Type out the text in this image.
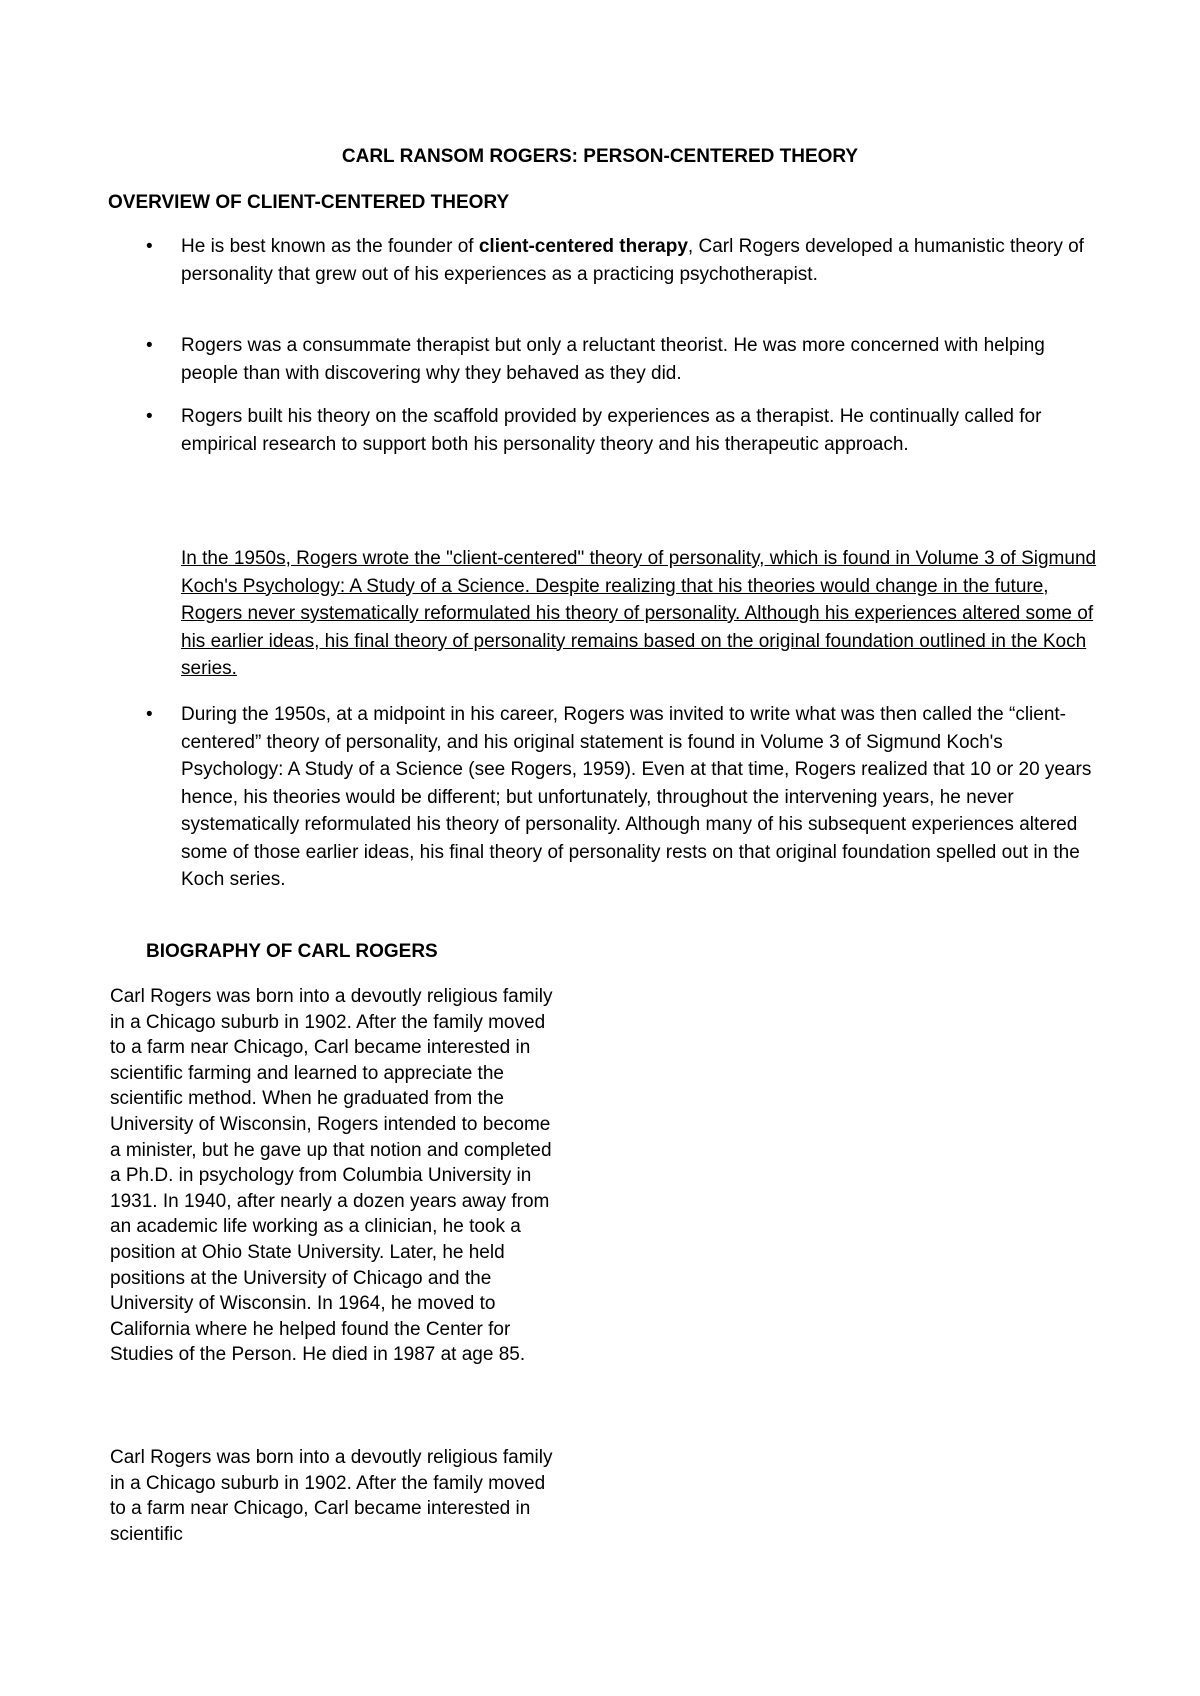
CARL RANSOM ROGERS: PERSON-CENTERED THEORY
OVERVIEW OF CLIENT-CENTERED THEORY
• He is best known as the founder of client-centered therapy, Carl Rogers developed a humanistic theory of personality that grew out of his experiences as a practicing psychotherapist.

• Rogers was a consummate therapist but only a reluctant theorist. He was more concerned with helping people than with discovering why they behaved as they did.

• Rogers built his theory on the scaffold provided by experiences as a therapist. He continually called for empirical research to support both his personality theory and his therapeutic approach.

In the 1950s, Rogers wrote the "client-centered" theory of personality, which is found in Volume 3 of Sigmund Koch's Psychology: A Study of a Science. Despite realizing that his theories would change in the future, Rogers never systematically reformulated his theory of personality. Although his experiences altered some of his earlier ideas, his final theory of personality remains based on the original foundation outlined in the Koch series.

• During the 1950s, at a midpoint in his career, Rogers was invited to write what was then called the “client-centered” theory of personality, and his original statement is found in Volume 3 of Sigmund Koch's Psychology: A Study of a Science (see Rogers, 1959). Even at that time, Rogers realized that 10 or 20 years hence, his theories would be different; but unfortunately, throughout the intervening years, he never systematically reformulated his theory of personality. Although many of his subsequent experiences altered some of those earlier ideas, his final theory of personality rests on that original foundation spelled out in the Koch series.

BIOGRAPHY OF CARL ROGERS

Carl Rogers was born into a devoutly religious family in a Chicago suburb in 1902. After the family moved to a farm near Chicago, Carl became interested in scientific farming and learned to appreciate the scientific method. When he graduated from the University of Wisconsin, Rogers intended to become a minister, but he gave up that notion and completed a Ph.D. in psychology from Columbia University in 1931. In 1940, after nearly a dozen years away from an academic life working as a clinician, he took a position at Ohio State University. Later, he held positions at the University of Chicago and the University of Wisconsin. In 1964, he moved to California where he helped found the Center for Studies of the Person. He died in 1987 at age 85.

Carl Rogers was born into a devoutly religious family in a Chicago suburb in 1902. After the family moved to a farm near Chicago, Carl became interested in scientific
